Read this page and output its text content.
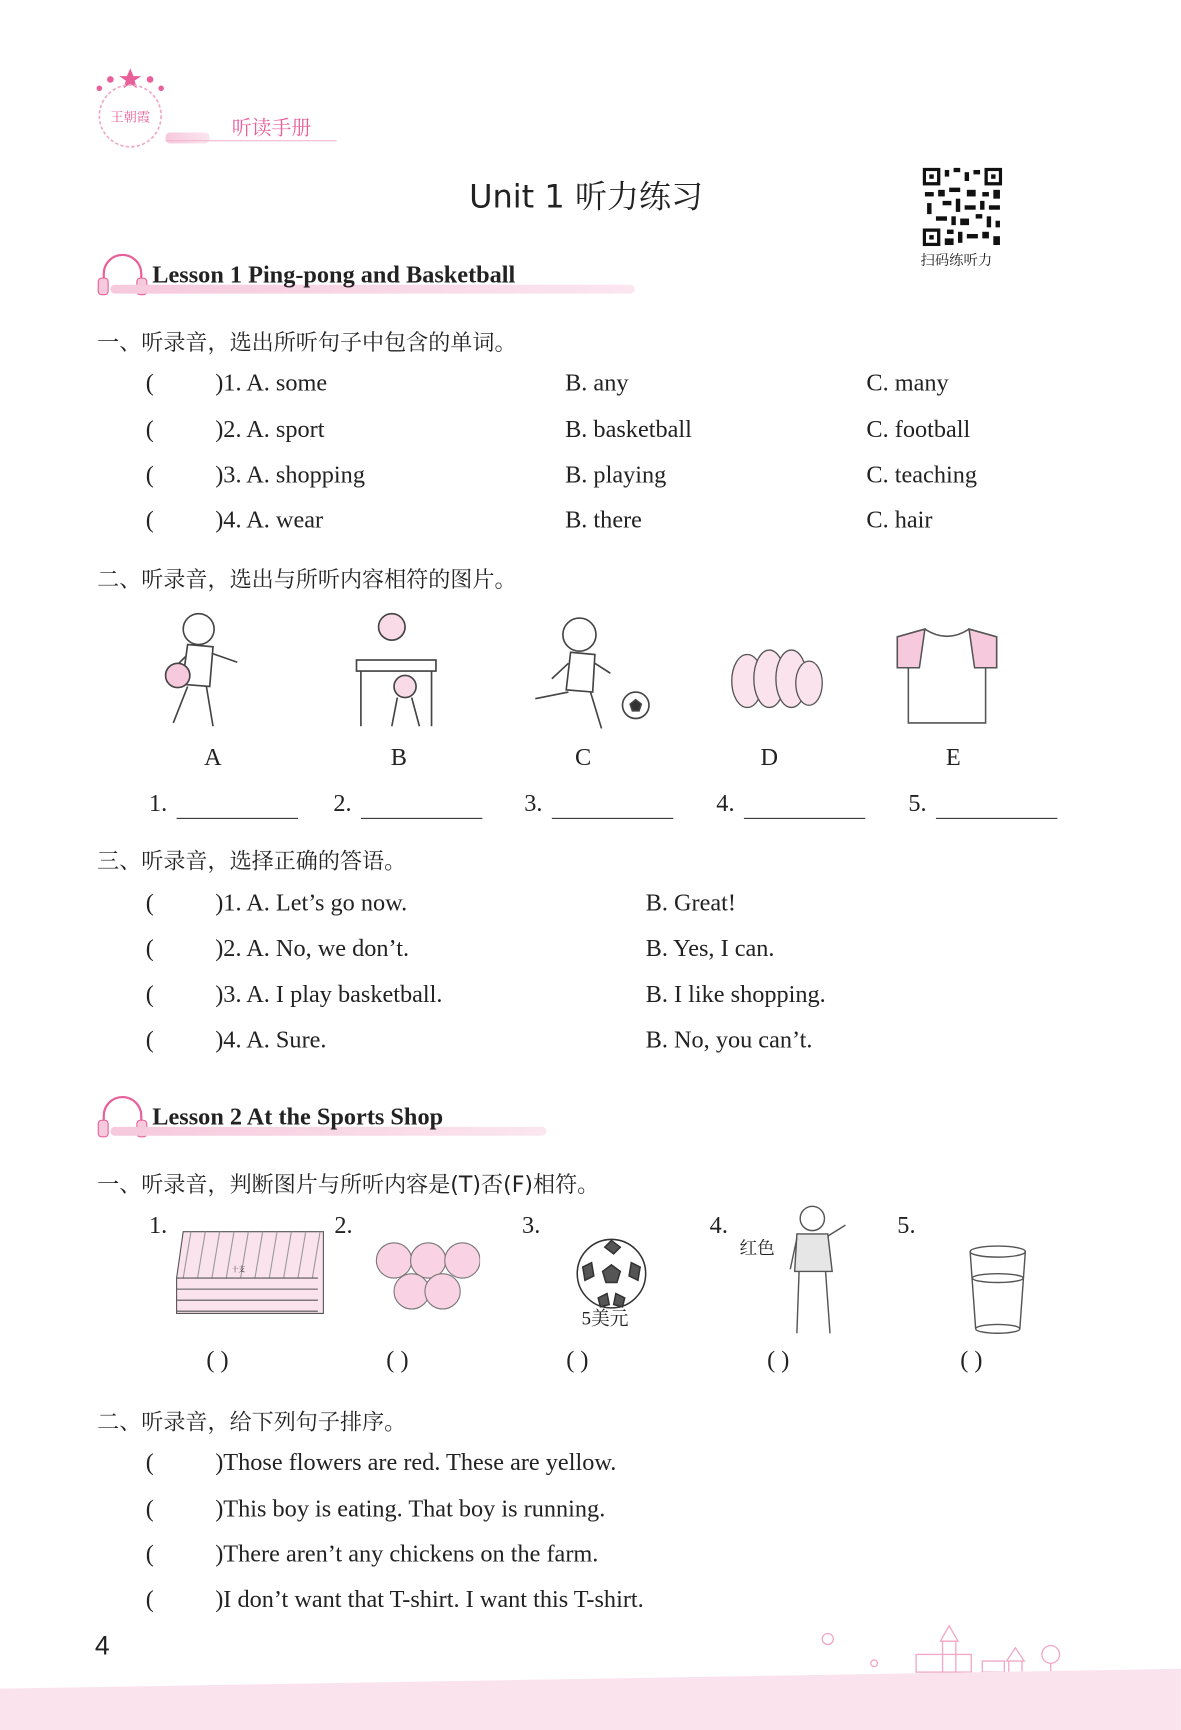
王朝霞	听读手册
Unit 1 听力练习
扫码练听力
Lesson 1 Ping-pong and Basketball
一、听录音，选出所听句子中包含的单词。
(	)1. A. some	B. any	C. many
(	)2. A. sport	B. basketball	C. football
(	)3. A. shopping	B. playing	C. teaching
(	)4. A. wear	B. there	C. hair
二、听录音，选出与所听内容相符的图片。
A	B	C	D	E
1.	2.	3.	4.	5.
三、听录音，选择正确的答语。
(	)1. A. Let’s go now.	B. Great!
(	)2. A. No, we don’t.	B. Yes, I can.
(	)3. A. I play basketball.	B. I like shopping.
(	)4. A. Sure.	B. No, you can’t.
Lesson 2 At the Sports Shop
一、听录音，判断图片与所听内容是(T)否(F)相符。
1.	2.	3.	4.	5.
十支
5美元
红色
( )	( )	( )	( )	( )
二、听录音，给下列句子排序。
(	)Those flowers are red. These are yellow.
(	)This boy is eating. That boy is running.
(	)There aren’t any chickens on the farm.
(	)I don’t want that T-shirt. I want this T-shirt.
4
